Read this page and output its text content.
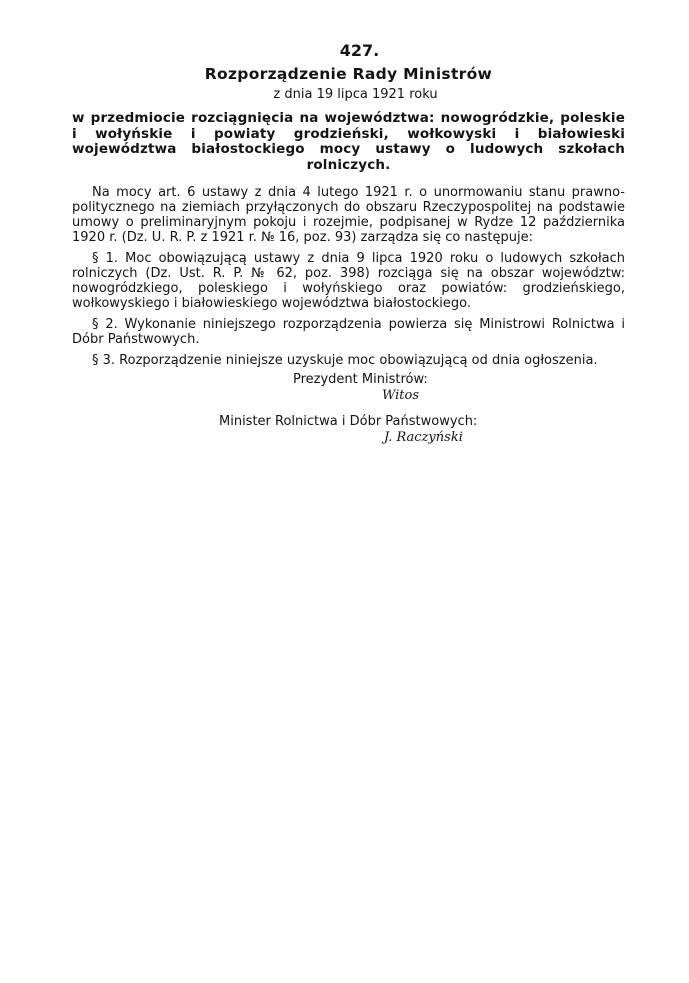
427.

Rozporządzenie Rady Ministrów

z dnia 19 lipca 1921 roku

w przedmiocie rozciągnięcia na województwa: nowogródzkie, poleskie i wołyńskie i powiaty grodzieński, wołkowyski i białowieski województwa białostockiego mocy ustawy o ludowych szkołach rolniczych.

Na mocy art. 6 ustawy z dnia 4 lutego 1921 r. o unormowaniu stanu prawno-politycznego na ziemiach przyłączonych do obszaru Rzeczypospolitej na podstawie umowy o preliminaryjnym pokoju i rozejmie, podpisanej w Rydze 12 października 1920 r. (Dz. U. R. P. z 1921 r. № 16, poz. 93) zarządza się co następuje:

§ 1. Moc obowiązującą ustawy z dnia 9 lipca 1920 roku o ludowych szkołach rolniczych (Dz. Ust. R. P. № 62, poz. 398) rozciąga się na obszar województw: nowogródzkiego, poleskiego i wołyńskiego oraz powiatów: grodzieńskiego, wołkowyskiego i białowieskiego województwa białostockiego.

§ 2. Wykonanie niniejszego rozporządzenia powierza się Ministrowi Rolnictwa i Dóbr Państwowych.

§ 3. Rozporządzenie niniejsze uzyskuje moc obowiązującą od dnia ogłoszenia.

Prezydent Ministrów:

Witos

Minister Rolnictwa i Dóbr Państwowych:

J. Raczyński
